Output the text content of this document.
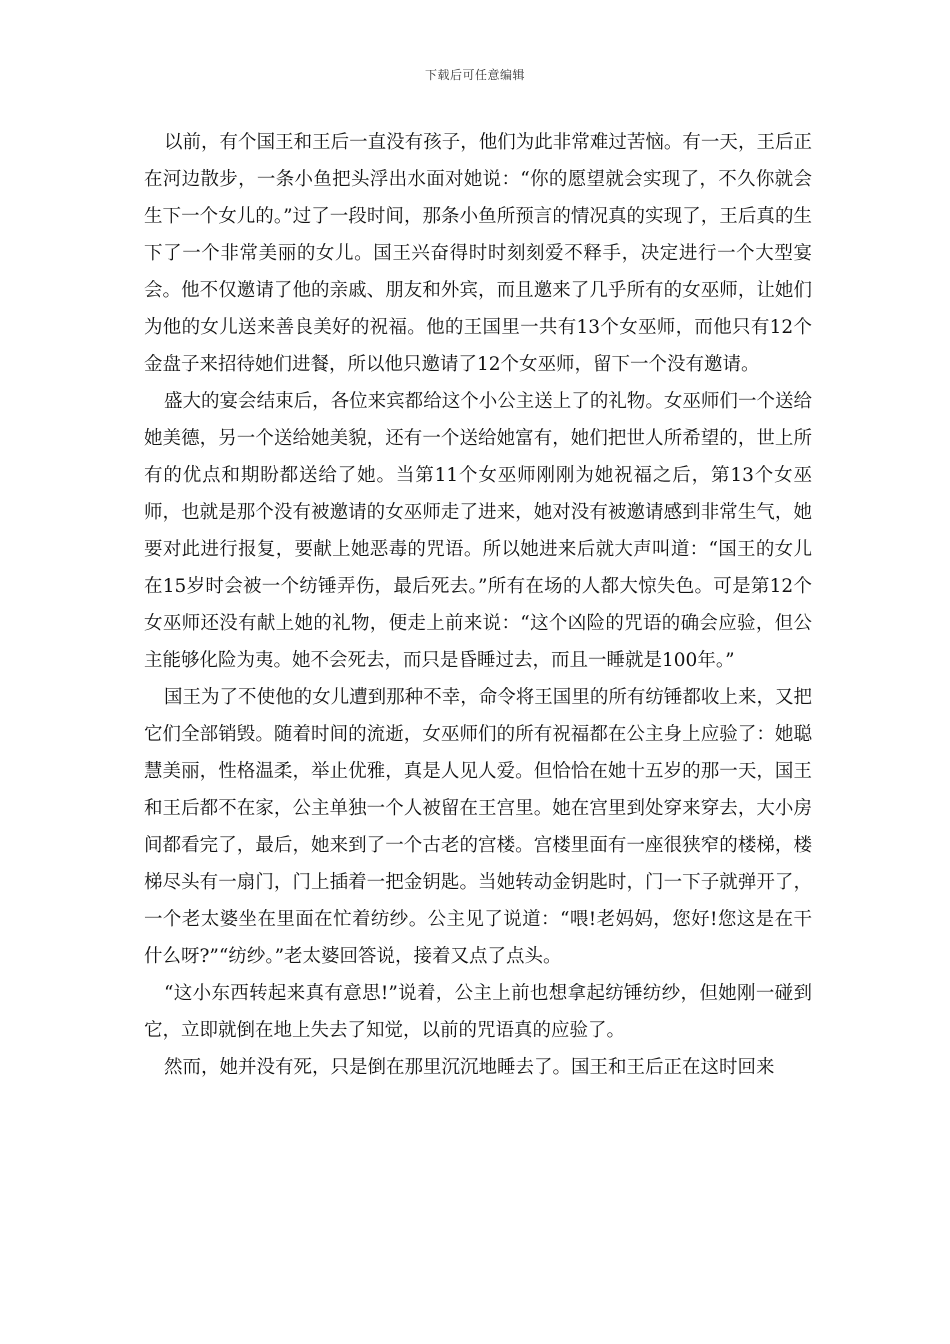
下载后可任意编辑

以前，有个国王和王后一直没有孩子，他们为此非常难过苦恼。有一天，王后正在河边散步，一条小鱼把头浮出水面对她说：“你的愿望就会实现了，不久你就会生下一个女儿的。”过了一段时间，那条小鱼所预言的情况真的实现了，王后真的生下了一个非常美丽的女儿。国王兴奋得时时刻刻爱不释手，决定进行一个大型宴会。他不仅邀请了他的亲戚、朋友和外宾，而且邀来了几乎所有的女巫师，让她们为他的女儿送来善良美好的祝福。他的王国里一共有13个女巫师，而他只有12个金盘子来招待她们进餐，所以他只邀请了12个女巫师，留下一个没有邀请。

盛大的宴会结束后，各位来宾都给这个小公主送上了的礼物。女巫师们一个送给她美德，另一个送给她美貌，还有一个送给她富有，她们把世人所希望的，世上所有的优点和期盼都送给了她。当第11个女巫师刚刚为她祝福之后，第13个女巫师，也就是那个没有被邀请的女巫师走了进来，她对没有被邀请感到非常生气，她要对此进行报复，要献上她恶毒的咒语。所以她进来后就大声叫道：“国王的女儿在15岁时会被一个纺锤弄伤，最后死去。”所有在场的人都大惊失色。可是第12个女巫师还没有献上她的礼物，便走上前来说：“这个凶险的咒语的确会应验，但公主能够化险为夷。她不会死去，而只是昏睡过去，而且一睡就是100年。”

国王为了不使他的女儿遭到那种不幸，命令将王国里的所有纺锤都收上来，又把它们全部销毁。随着时间的流逝，女巫师们的所有祝福都在公主身上应验了：她聪慧美丽，性格温柔，举止优雅，真是人见人爱。但恰恰在她十五岁的那一天，国王和王后都不在家，公主单独一个人被留在王宫里。她在宫里到处穿来穿去，大小房间都看完了，最后，她来到了一个古老的宫楼。宫楼里面有一座很狭窄的楼梯，楼梯尽头有一扇门，门上插着一把金钥匙。当她转动金钥匙时，门一下子就弹开了，一个老太婆坐在里面在忙着纺纱。公主见了说道：“喂!老妈妈，您好!您这是在干什么呀?”“纺纱。”老太婆回答说，接着又点了点头。

“这小东西转起来真有意思!”说着，公主上前也想拿起纺锤纺纱，但她刚一碰到它，立即就倒在地上失去了知觉，以前的咒语真的应验了。

然而，她并没有死，只是倒在那里沉沉地睡去了。国王和王后正在这时回来
